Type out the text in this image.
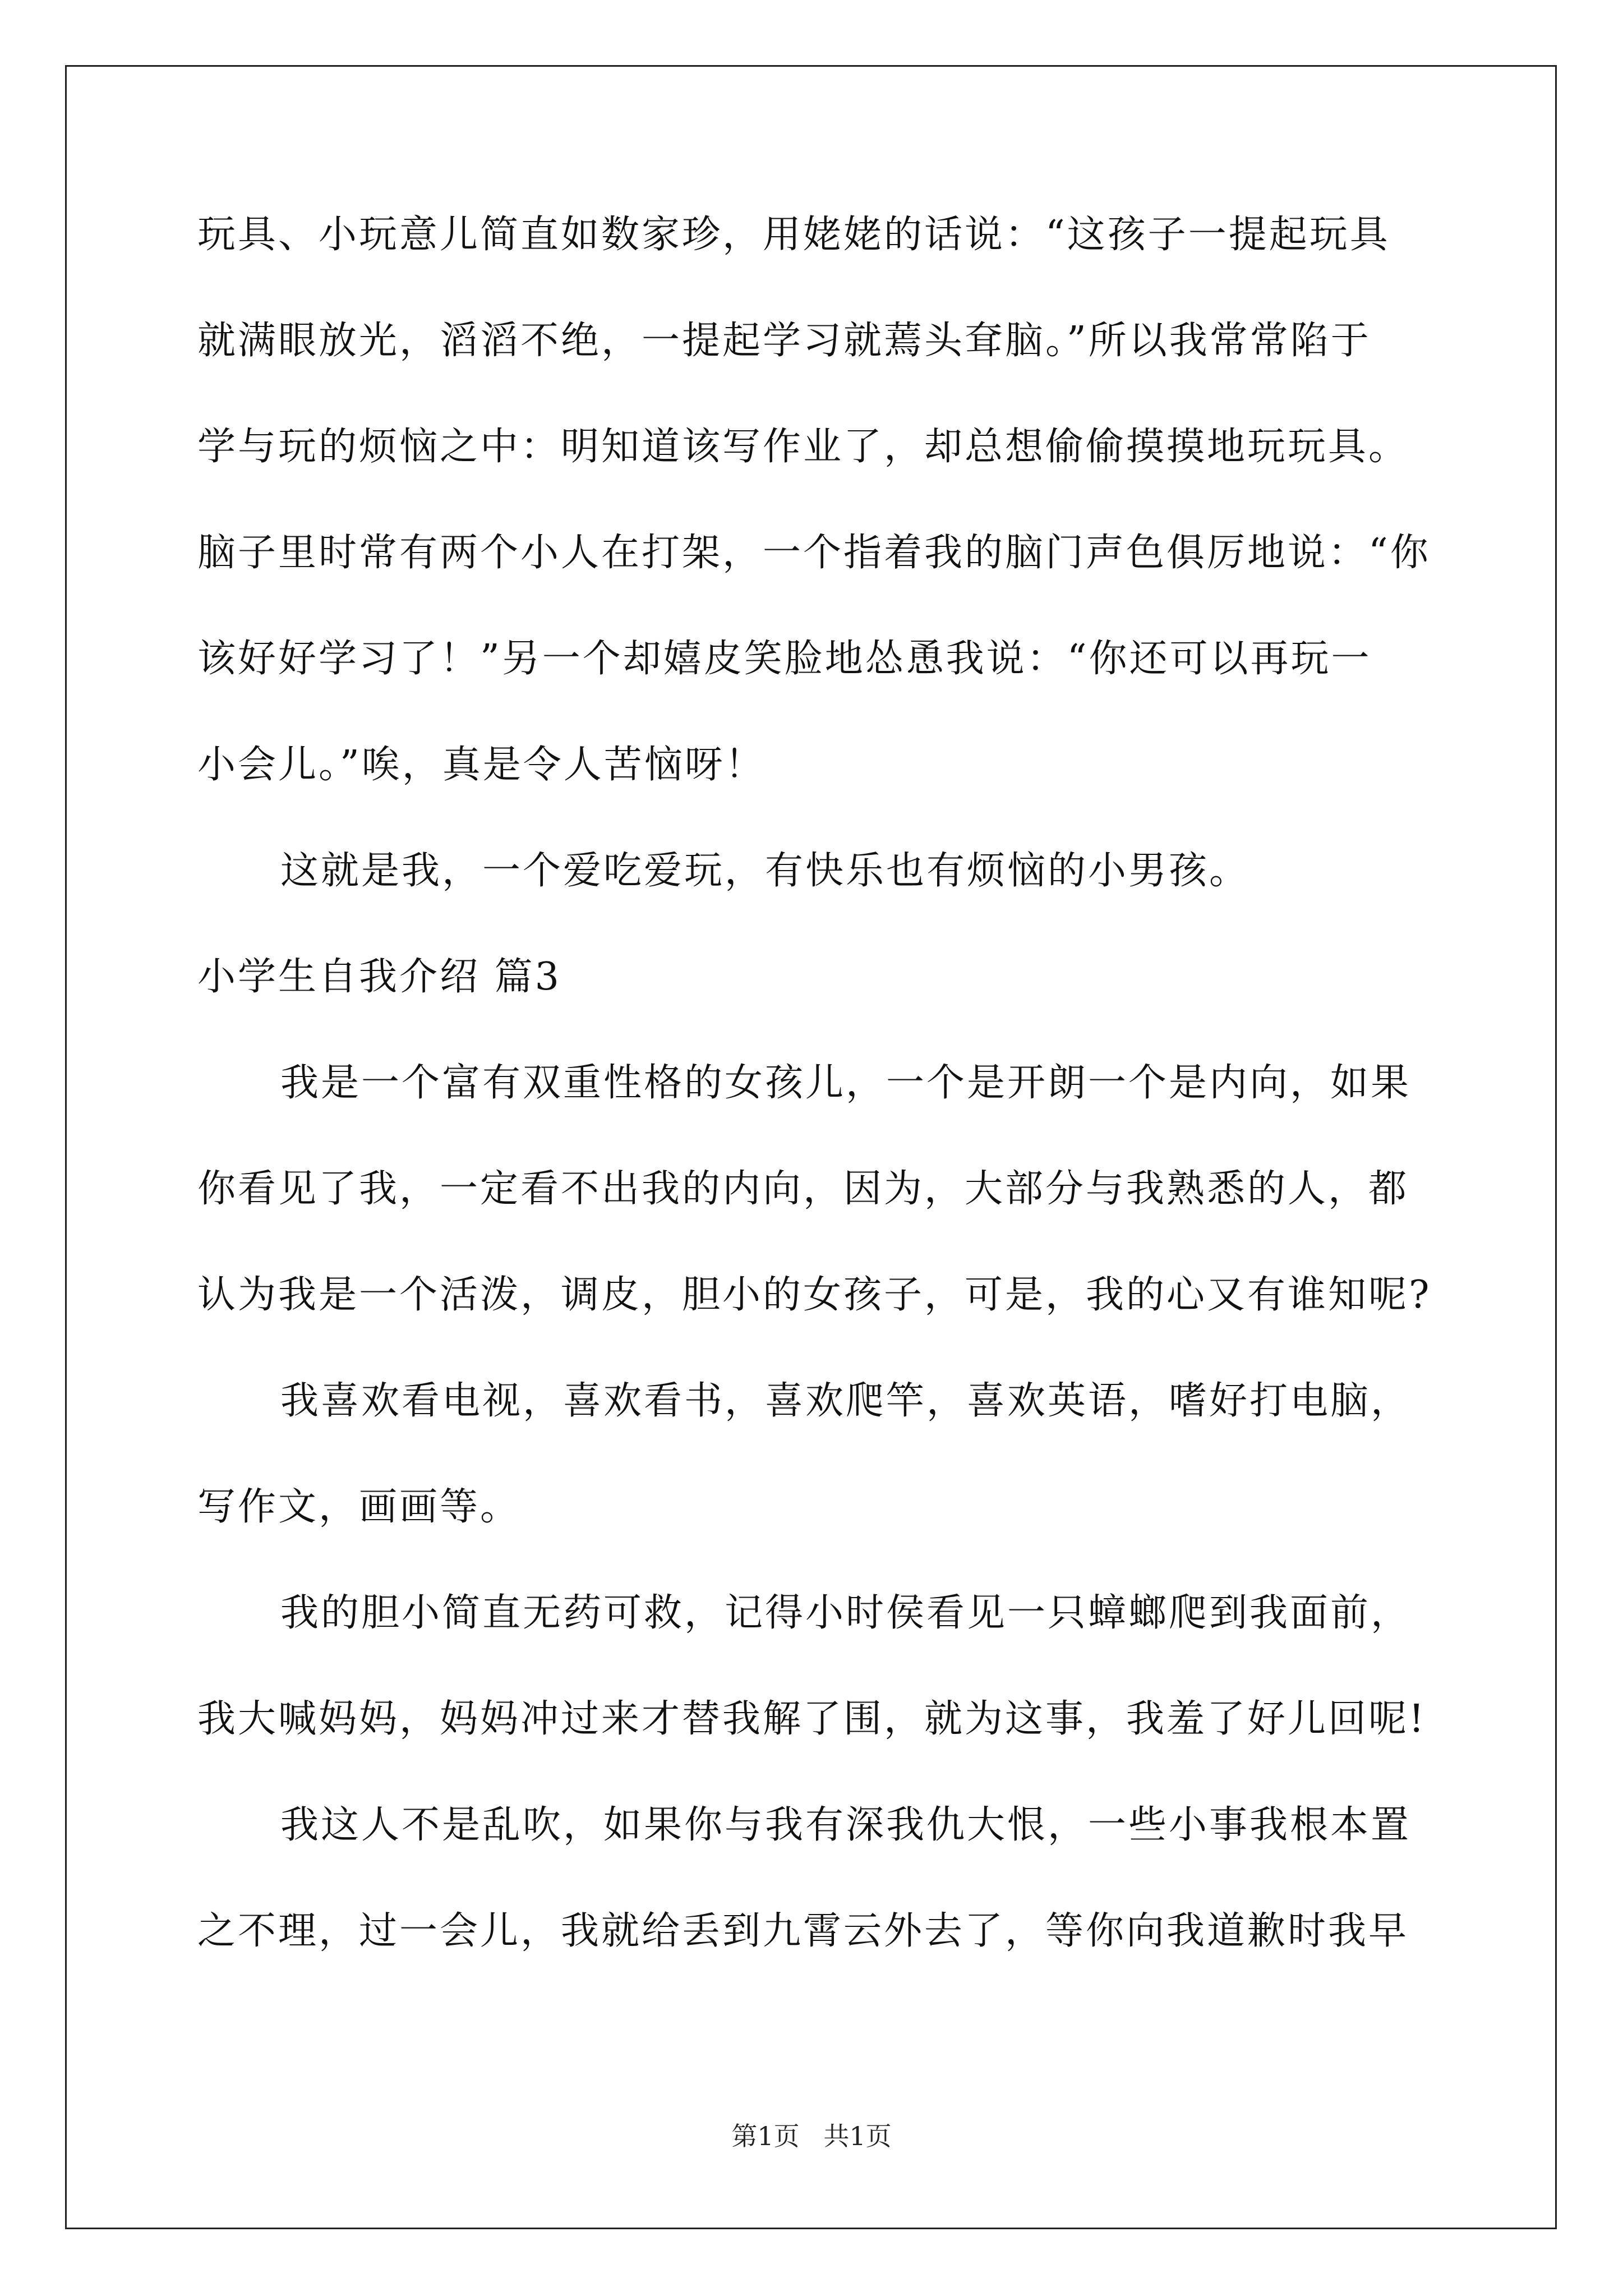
玩具、小玩意儿简直如数家珍，用姥姥的话说：“这孩子一提起玩具
就满眼放光，滔滔不绝，一提起学习就蔫头耷脑。”所以我常常陷于
学与玩的烦恼之中：明知道该写作业了，却总想偷偷摸摸地玩玩具。
脑子里时常有两个小人在打架，一个指着我的脑门声色俱厉地说：“你
该好好学习了！”另一个却嬉皮笑脸地怂恿我说：“你还可以再玩一
小会儿。”唉，真是令人苦恼呀！
这就是我，一个爱吃爱玩，有快乐也有烦恼的小男孩。
小学生自我介绍 篇3
我是一个富有双重性格的女孩儿，一个是开朗一个是内向，如果
你看见了我，一定看不出我的内向，因为，大部分与我熟悉的人，都
认为我是一个活泼，调皮，胆小的女孩子，可是，我的心又有谁知呢?
我喜欢看电视，喜欢看书，喜欢爬竿，喜欢英语，嗜好打电脑，
写作文，画画等。
我的胆小简直无药可救，记得小时侯看见一只蟑螂爬到我面前，
我大喊妈妈，妈妈冲过来才替我解了围，就为这事，我羞了好儿回呢!
我这人不是乱吹，如果你与我有深我仇大恨，一些小事我根本置
之不理，过一会儿，我就给丢到九霄云外去了，等你向我道歉时我早
第1页 共1页
